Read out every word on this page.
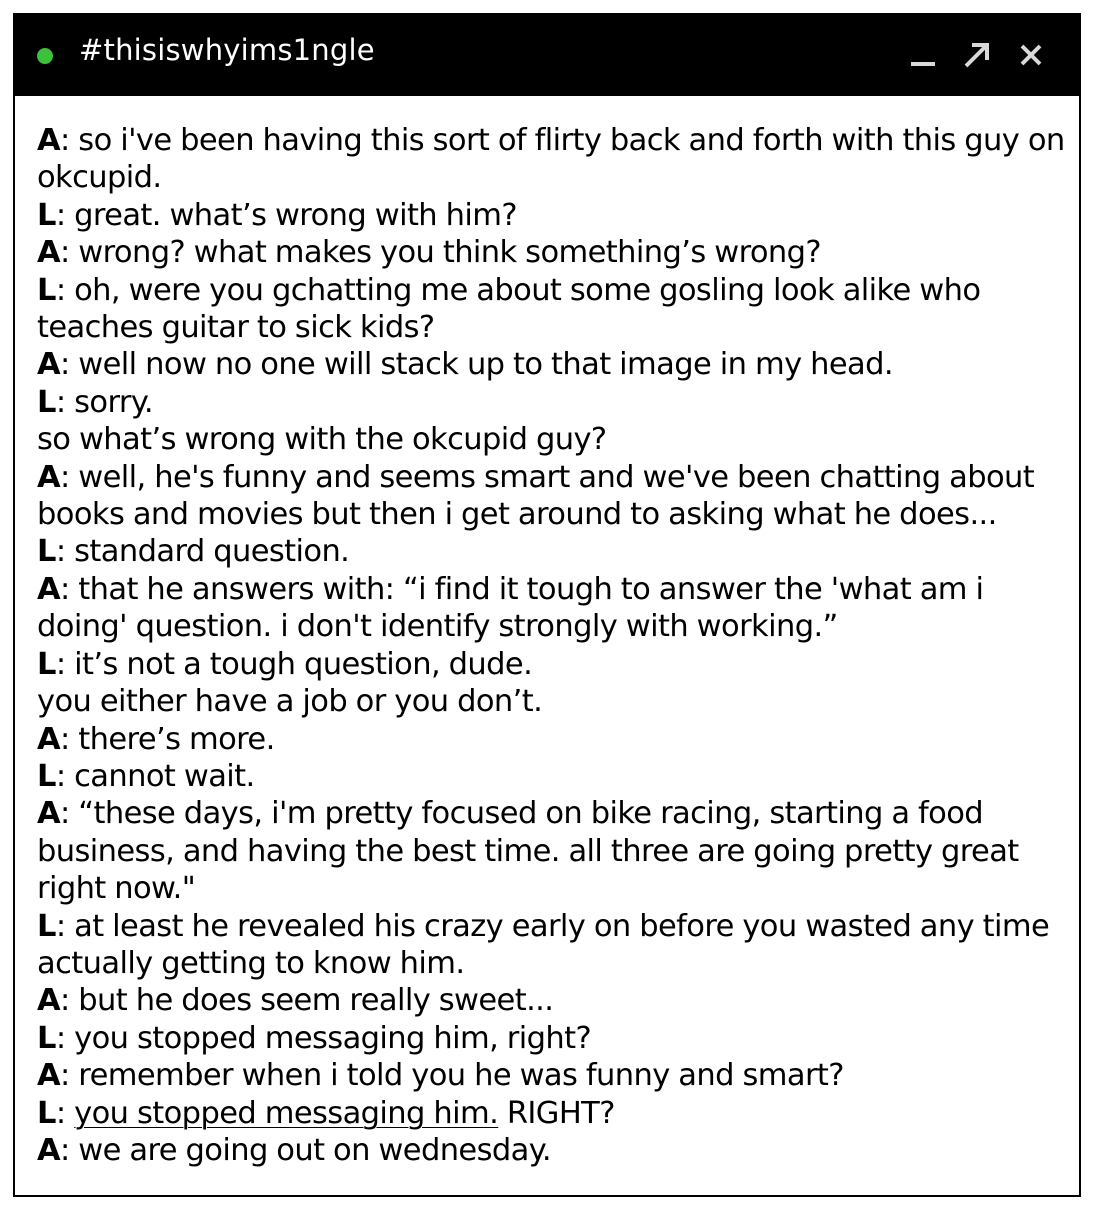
#thisiswhyims1ngle

A: so i've been having this sort of flirty back and forth with this guy on okcupid.

L: great. what’s wrong with him?

A: wrong? what makes you think something’s wrong?

L: oh, were you gchatting me about some gosling look alike who teaches guitar to sick kids?

A: well now no one will stack up to that image in my head.

L: sorry.

so what’s wrong with the okcupid guy?

A: well, he's funny and seems smart and we've been chatting about books and movies but then i get around to asking what he does...

L: standard question.

A: that he answers with: “i find it tough to answer the 'what am i doing' question. i don't identify strongly with working.”

L: it’s not a tough question, dude.

you either have a job or you don’t.

A: there’s more.

L: cannot wait.

A: “these days, i'm pretty focused on bike racing, starting a food business, and having the best time. all three are going pretty great right now."

L: at least he revealed his crazy early on before you wasted any time actually getting to know him.

A: but he does seem really sweet...

L: you stopped messaging him, right?

A: remember when i told you he was funny and smart?

L: you stopped messaging him. RIGHT?

A: we are going out on wednesday.
